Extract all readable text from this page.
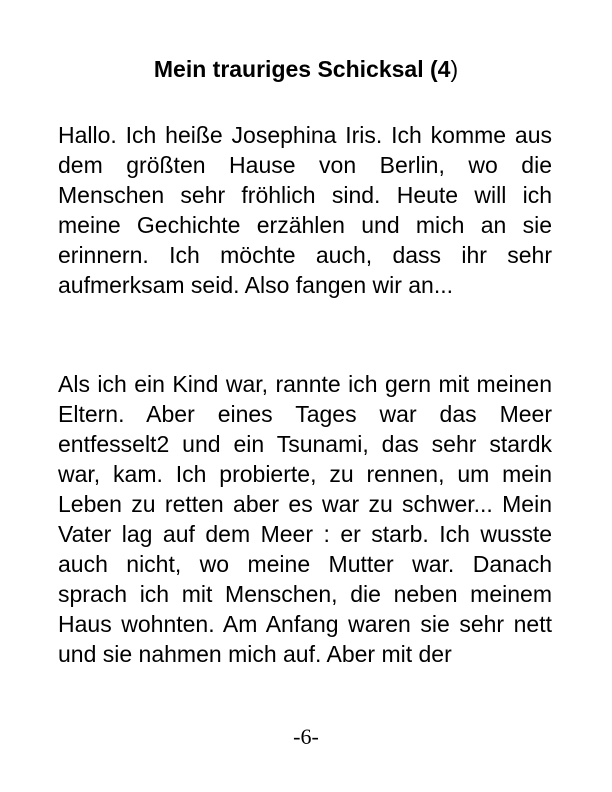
Mein trauriges Schicksal (4)

Hallo. Ich heiße Josephina Iris. Ich komme aus dem größten Hause von Berlin, wo die Menschen sehr fröhlich sind. Heute will ich meine Gechichte erzählen und mich an sie erinnern. Ich möchte auch, dass ihr sehr aufmerksam seid. Also fangen wir an...

Als ich ein Kind war, rannte ich gern mit meinen Eltern. Aber eines Tages war das Meer entfesselt2 und ein Tsunami, das sehr stardk war, kam. Ich probierte, zu rennen, um mein Leben zu retten aber es war zu schwer... Mein Vater lag auf dem Meer : er starb. Ich wusste auch nicht, wo meine Mutter war. Danach sprach ich mit Menschen, die neben meinem Haus wohnten. Am Anfang waren sie sehr nett und sie nahmen mich auf. Aber mit der

-6-
